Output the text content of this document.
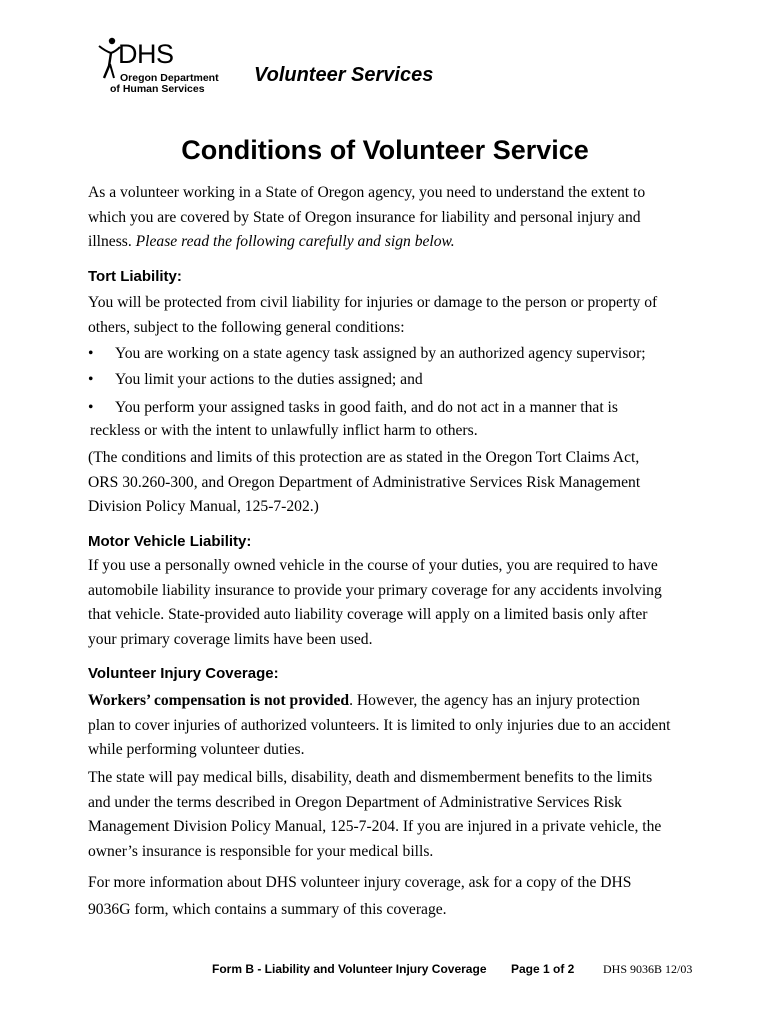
DHS
Oregon Department
of Human Services
Volunteer Services
Conditions of Volunteer Service
As a volunteer working in a State of Oregon agency, you need to understand the extent to
which you are covered by State of Oregon insurance for liability and personal injury and
illness. Please read the following carefully and sign below.
Tort Liability:
You will be protected from civil liability for injuries or damage to the person or property of
others, subject to the following general conditions:
• You are working on a state agency task assigned by an authorized agency supervisor;
• You limit your actions to the duties assigned; and
• You perform your assigned tasks in good faith, and do not act in a manner that is
reckless or with the intent to unlawfully inflict harm to others.
(The conditions and limits of this protection are as stated in the Oregon Tort Claims Act,
ORS 30.260-300, and Oregon Department of Administrative Services Risk Management
Division Policy Manual, 125-7-202.)
Motor Vehicle Liability:
If you use a personally owned vehicle in the course of your duties, you are required to have
automobile liability insurance to provide your primary coverage for any accidents involving
that vehicle. State-provided auto liability coverage will apply on a limited basis only after
your primary coverage limits have been used.
Volunteer Injury Coverage:
Workers’ compensation is not provided. However, the agency has an injury protection
plan to cover injuries of authorized volunteers. It is limited to only injuries due to an accident
while performing volunteer duties.
The state will pay medical bills, disability, death and dismemberment benefits to the limits
and under the terms described in Oregon Department of Administrative Services Risk
Management Division Policy Manual, 125-7-204. If you are injured in a private vehicle, the
owner’s insurance is responsible for your medical bills.
For more information about DHS volunteer injury coverage, ask for a copy of the DHS
9036G form, which contains a summary of this coverage.
Form B - Liability and Volunteer Injury Coverage Page 1 of 2 DHS 9036B 12/03
